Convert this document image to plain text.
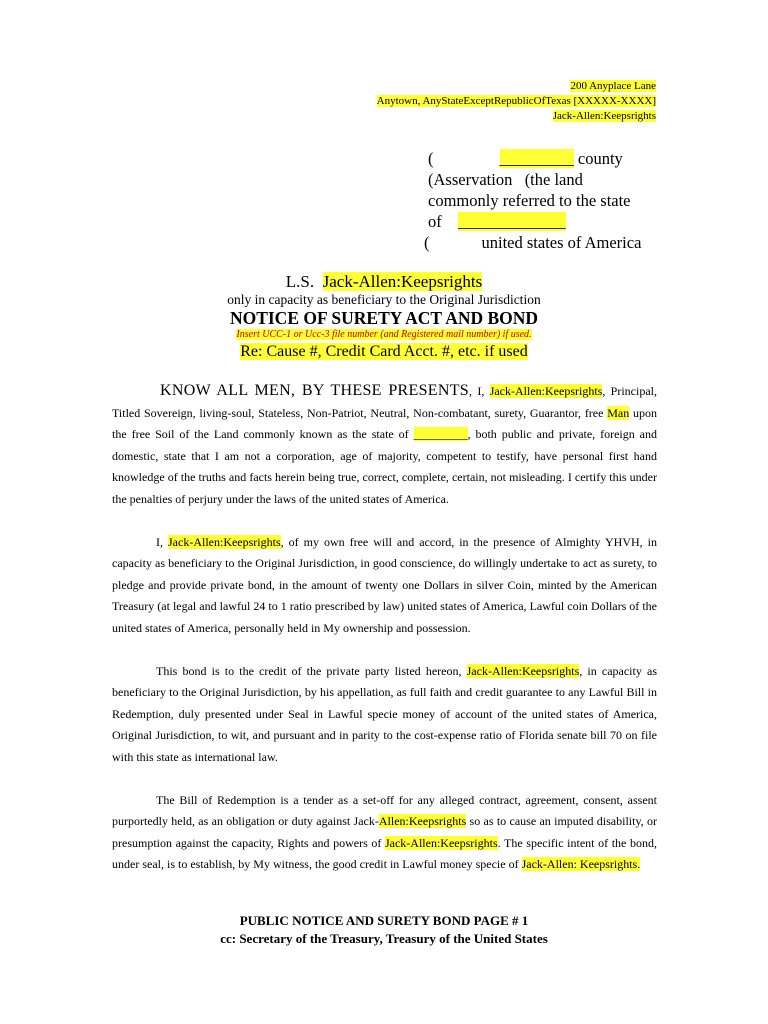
200 Anyplace Lane
Anytown, AnyStateExceptRepublicOfTexas [XXXXX-XXXX]
Jack-Allen:Keepsrights
(	_________ county
(Asservation   (the land
commonly referred to the state
of _____________
(	united states of America
L.S. Jack-Allen:Keepsrights
only in capacity as beneficiary to the Original Jurisdiction
NOTICE OF SURETY ACT AND BOND
Insert UCC-1 or Ucc-3 file number (and Registered mail number) if used.
Re: Cause #, Credit Card Acct. #, etc. if used

KNOW ALL MEN, BY THESE PRESENTS, I, Jack-Allen:Keepsrights, Principal, Titled Sovereign, living-soul, Stateless, Non-Patriot, Neutral, Non-combatant, surety, Guarantor, free Man upon the free Soil of the Land commonly known as the state of _________, both public and private, foreign and domestic, state that I am not a corporation, age of majority, competent to testify, have personal first hand knowledge of the truths and facts herein being true, correct, complete, certain, not misleading. I certify this under the penalties of perjury under the laws of the united states of America.

I, Jack-Allen:Keepsrights, of my own free will and accord, in the presence of Almighty YHVH, in capacity as beneficiary to the Original Jurisdiction, in good conscience, do willingly undertake to act as surety, to pledge and provide private bond, in the amount of twenty one Dollars in silver Coin, minted by the American Treasury (at legal and lawful 24 to 1 ratio prescribed by law) united states of America, Lawful coin Dollars of the united states of America, personally held in My ownership and possession.

This bond is to the credit of the private party listed hereon, Jack-Allen:Keepsrights, in capacity as beneficiary to the Original Jurisdiction, by his appellation, as full faith and credit guarantee to any Lawful Bill in Redemption, duly presented under Seal in Lawful specie money of account of the united states of America, Original Jurisdiction, to wit, and pursuant and in parity to the cost-expense ratio of Florida senate bill 70 on file with this state as international law.

The Bill of Redemption is a tender as a set-off for any alleged contract, agreement, consent, assent purportedly held, as an obligation or duty against Jack-Allen:Keepsrights so as to cause an imputed disability, or presumption against the capacity, Rights and powers of Jack-Allen:Keepsrights. The specific intent of the bond, under seal, is to establish, by My witness, the good credit in Lawful money specie of Jack-Allen: Keepsrights.

PUBLIC NOTICE AND SURETY BOND PAGE # 1
cc: Secretary of the Treasury, Treasury of the United States
